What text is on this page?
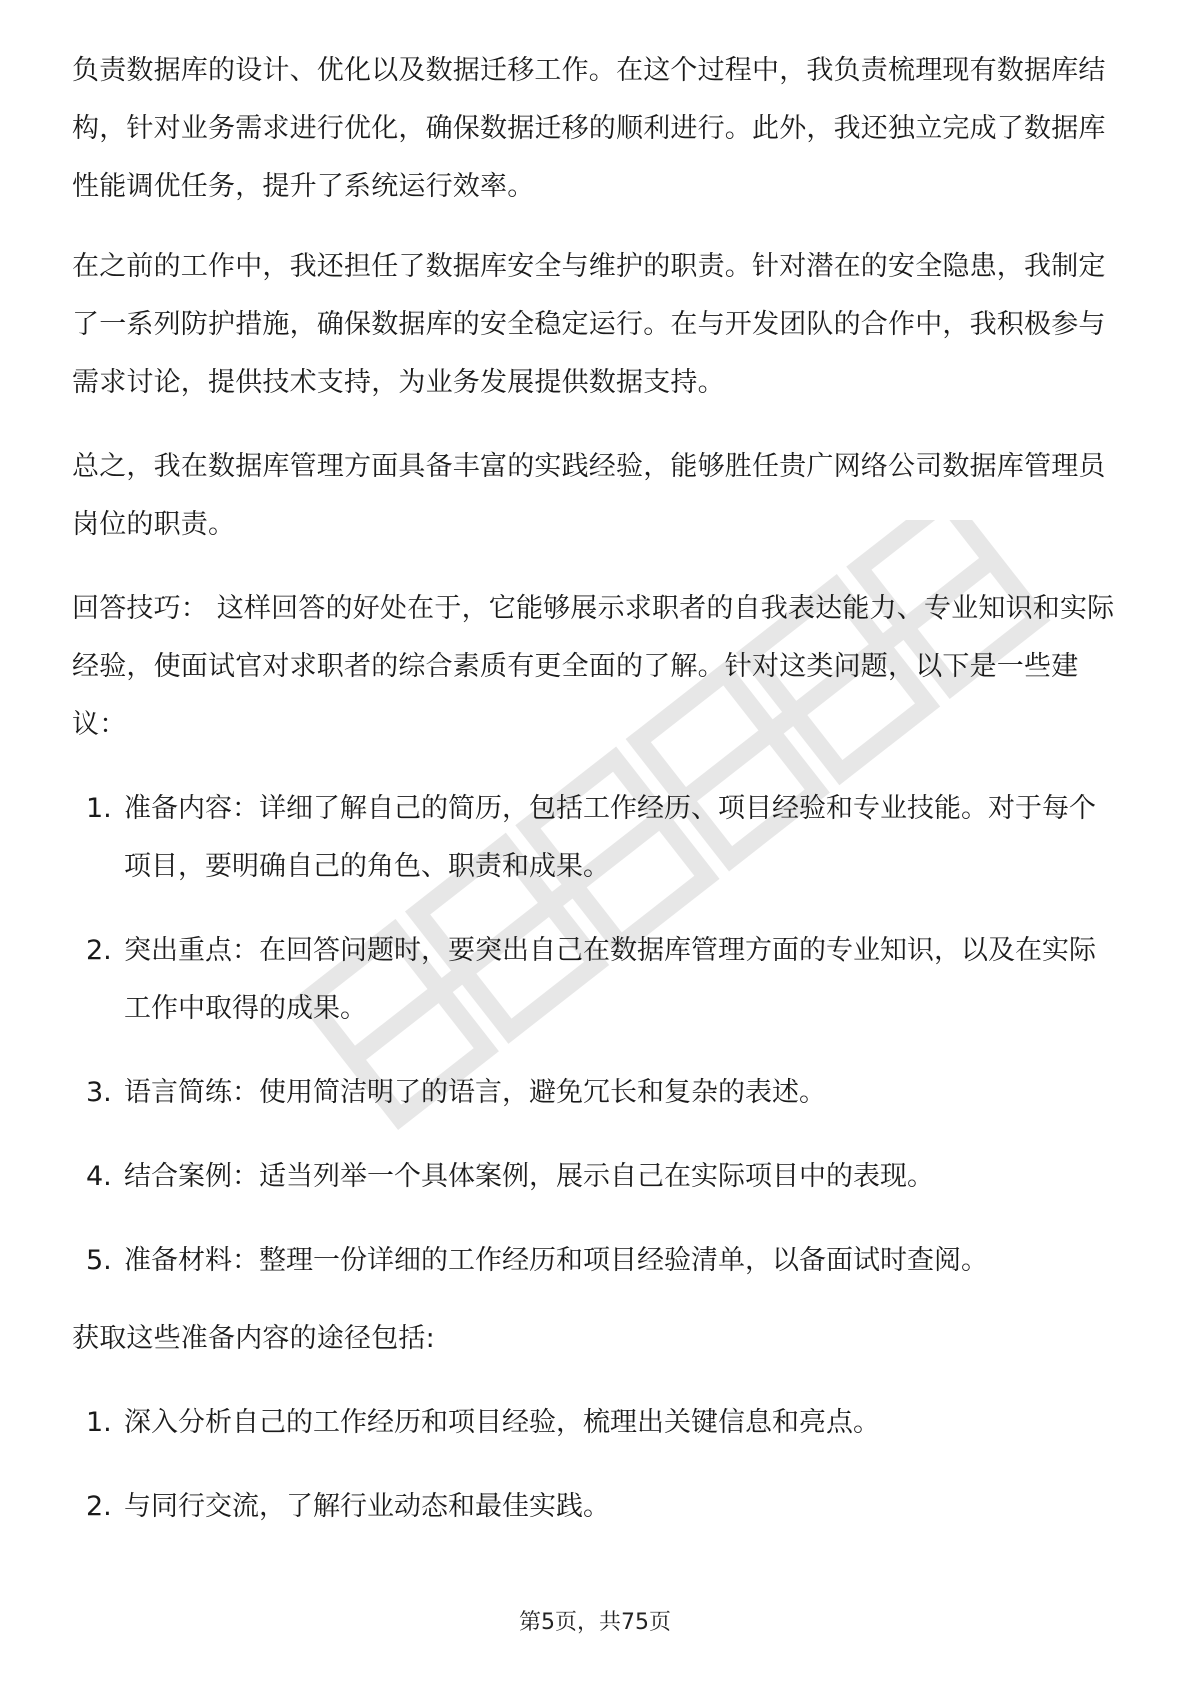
负责数据库的设计、优化以及数据迁移工作。在这个过程中，我负责梳理现有数据库结构，针对业务需求进行优化，确保数据迁移的顺利进行。此外，我还独立完成了数据库性能调优任务，提升了系统运行效率。

在之前的工作中，我还担任了数据库安全与维护的职责。针对潜在的安全隐患，我制定了一系列防护措施，确保数据库的安全稳定运行。在与开发团队的合作中，我积极参与需求讨论，提供技术支持，为业务发展提供数据支持。

总之，我在数据库管理方面具备丰富的实践经验，能够胜任贵广网络公司数据库管理员岗位的职责。

回答技巧： 这样回答的好处在于，它能够展示求职者的自我表达能力、专业知识和实际经验，使面试官对求职者的综合素质有更全面的了解。针对这类问题，以下是一些建议：

1. 准备内容：详细了解自己的简历，包括工作经历、项目经验和专业技能。对于每个项目，要明确自己的角色、职责和成果。
2. 突出重点：在回答问题时，要突出自己在数据库管理方面的专业知识，以及在实际工作中取得的成果。
3. 语言简练：使用简洁明了的语言，避免冗长和复杂的表述。
4. 结合案例：适当列举一个具体案例，展示自己在实际项目中的表现。
5. 准备材料：整理一份详细的工作经历和项目经验清单，以备面试时查阅。

获取这些准备内容的途径包括:

1. 深入分析自己的工作经历和项目经验，梳理出关键信息和亮点。
2. 与同行交流，了解行业动态和最佳实践。
第5页，共75页
